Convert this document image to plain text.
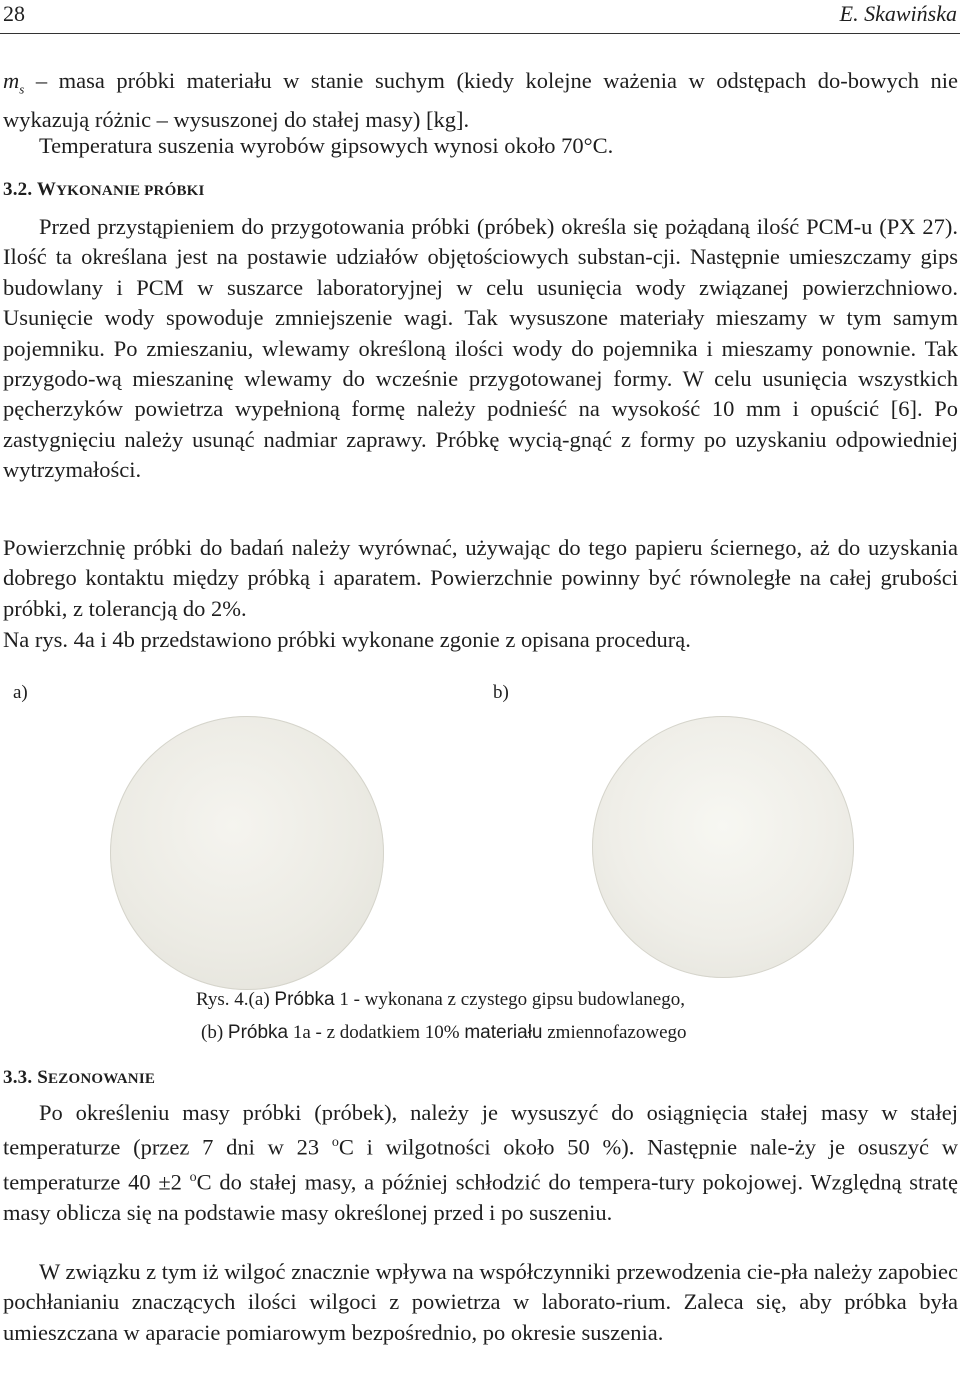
28	E. Skawińska

$m_s$ – masa próbki materiału w stanie suchym (kiedy kolejne ważenia w odstępach do-bowych nie wykazują różnic – wysuszonej do stałej masy) [kg].

Temperatura suszenia wyrobów gipsowych wynosi około 70°C.

3.2. WYKONANIE PRÓBKI

Przed przystąpieniem do przygotowania próbki (próbek) określa się pożądaną ilość PCM-u (PX 27). Ilość ta określana jest na postawie udziałów objętościowych substan-cji. Następnie umieszczamy gips budowlany i PCM w suszarce laboratoryjnej w celu usunięcia wody związanej powierzchniowo. Usunięcie wody spowoduje zmniejszenie wagi. Tak wysuszone materiały mieszamy w tym samym pojemniku. Po zmieszaniu, wlewamy określoną ilości wody do pojemnika i mieszamy ponownie. Tak przygodo-wą mieszaninę wlewamy do wcześnie przygotowanej formy. W celu usunięcia wszystkich pęcherzyków powietrza wypełnioną formę należy podnieść na wysokość 10 mm i opuścić [6]. Po zastygnięciu należy usunąć nadmiar zaprawy. Próbkę wycią-gnąć z formy po uzyskaniu odpowiedniej wytrzymałości.

Powierzchnię próbki do badań należy wyrównać, używając do tego papieru ściernego, aż do uzyskania dobrego kontaktu między próbką i aparatem. Powierzchnie powinny być równoległe na całej grubości próbki, z tolerancją do 2%.

Na rys. 4a i 4b przedstawiono próbki wykonane zgonie z opisana procedurą.

a)	b)
Rys. 4.(a) Próbka 1 - wykonana z czystego gipsu budowlanego,
(b) Próbka 1a - z dodatkiem 10% materiału zmiennofazowego
3.3. SEZONOWANIE

Po określeniu masy próbki (próbek), należy je wysuszyć do osiągnięcia stałej masy w stałej temperaturze (przez 7 dni w 23 $^o$C i wilgotności około 50 %). Następnie nale-ży je osuszyć w temperaturze 40 ±2 $^o$C do stałej masy, a później schłodzić do tempera-tury pokojowej. Względną stratę masy oblicza się na podstawie masy określonej przed i po suszeniu.

W związku z tym iż wilgoć znacznie wpływa na współczynniki przewodzenia cie-pła należy zapobiec pochłanianiu znaczących ilości wilgoci z powietrza w laborato-rium. Zaleca się, aby próbka była umieszczana w aparacie pomiarowym bezpośrednio, po okresie suszenia.
